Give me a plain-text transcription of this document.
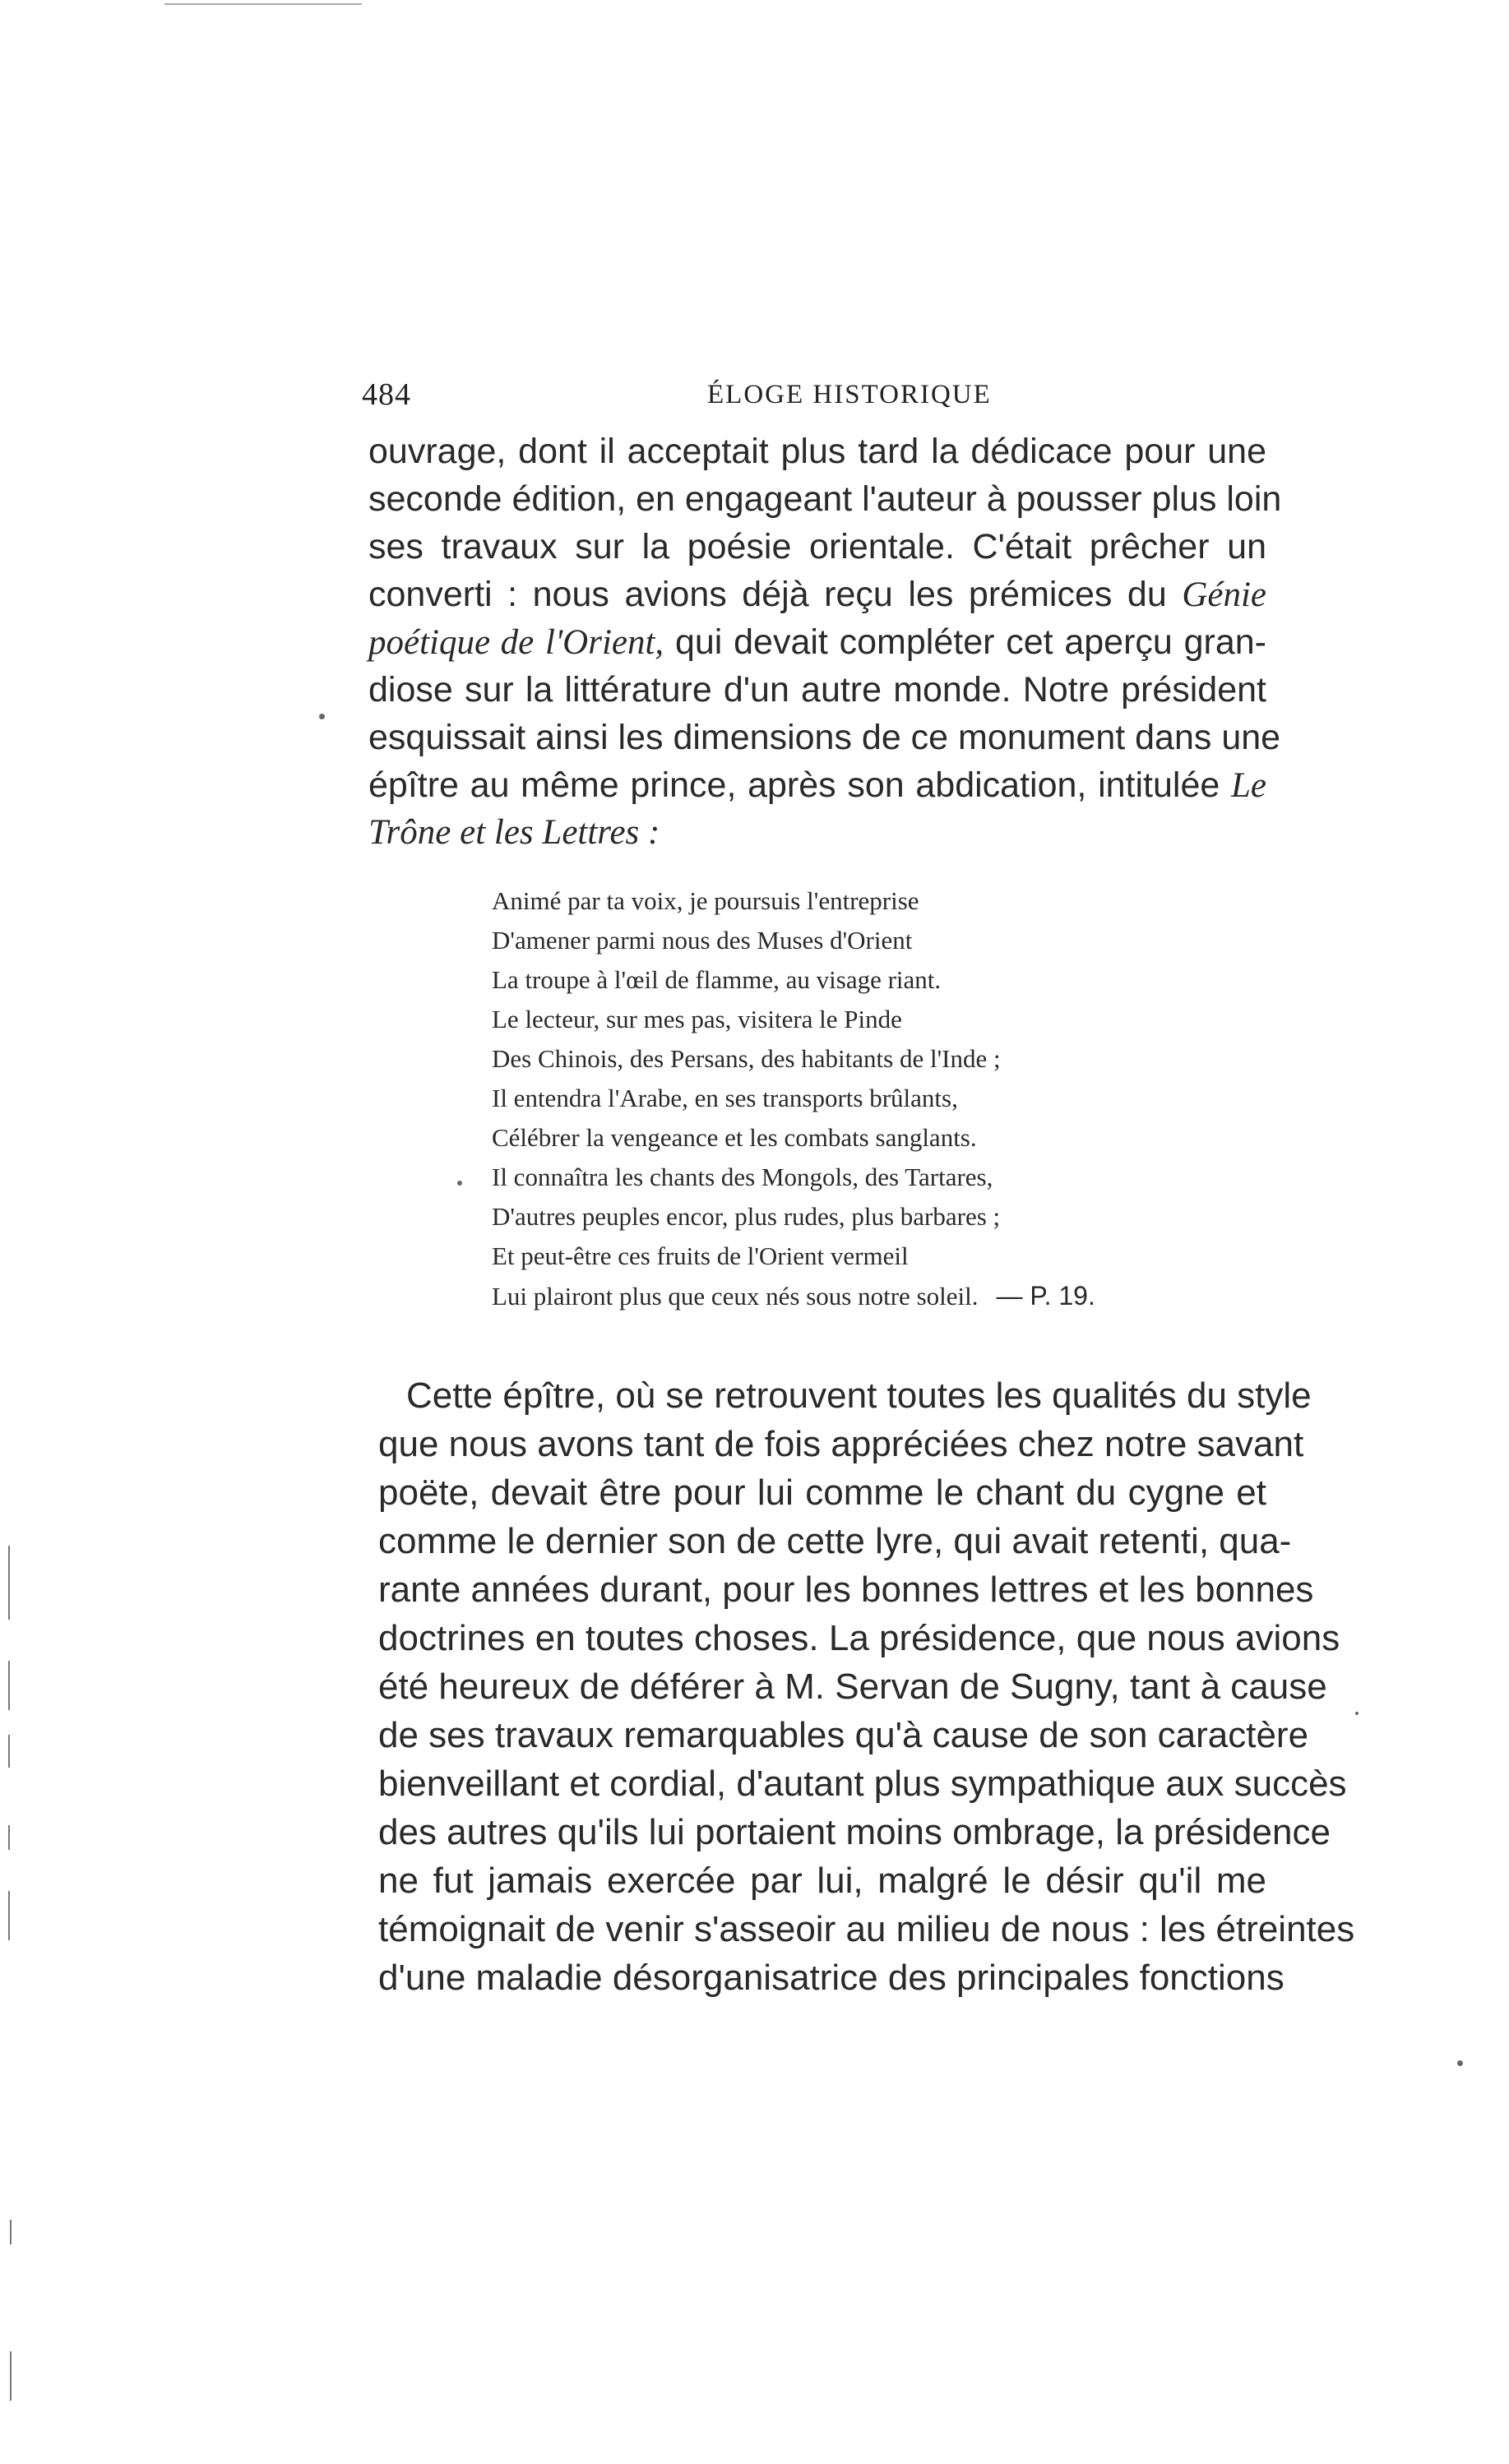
484	ÉLOGE HISTORIQUE
ouvrage, dont il acceptait plus tard la dédicace pour une
seconde édition, en engageant l'auteur à pousser plus loin
ses travaux sur la poésie orientale. C'était prêcher un
converti : nous avions déjà reçu les prémices du Génie
poétique de l'Orient, qui devait compléter cet aperçu gran-
diose sur la littérature d'un autre monde. Notre président
esquissait ainsi les dimensions de ce monument dans une
épître au même prince, après son abdication, intitulée Le
Trône et les Lettres :
Animé par ta voix, je poursuis l'entreprise
D'amener parmi nous des Muses d'Orient
La troupe à l'œil de flamme, au visage riant.
Le lecteur, sur mes pas, visitera le Pinde
Des Chinois, des Persans, des habitants de l'Inde ;
Il entendra l'Arabe, en ses transports brûlants,
Célébrer la vengeance et les combats sanglants.
Il connaîtra les chants des Mongols, des Tartares,
D'autres peuples encor, plus rudes, plus barbares ;
Et peut-être ces fruits de l'Orient vermeil
Lui plairont plus que ceux nés sous notre soleil. — P. 19.
Cette épître, où se retrouvent toutes les qualités du style
que nous avons tant de fois appréciées chez notre savant
poëte, devait être pour lui comme le chant du cygne et
comme le dernier son de cette lyre, qui avait retenti, qua-
rante années durant, pour les bonnes lettres et les bonnes
doctrines en toutes choses. La présidence, que nous avions
été heureux de déférer à M. Servan de Sugny, tant à cause
de ses travaux remarquables qu'à cause de son caractère
bienveillant et cordial, d'autant plus sympathique aux succès
des autres qu'ils lui portaient moins ombrage, la présidence
ne fut jamais exercée par lui, malgré le désir qu'il me
témoignait de venir s'asseoir au milieu de nous : les étreintes
d'une maladie désorganisatrice des principales fonctions
